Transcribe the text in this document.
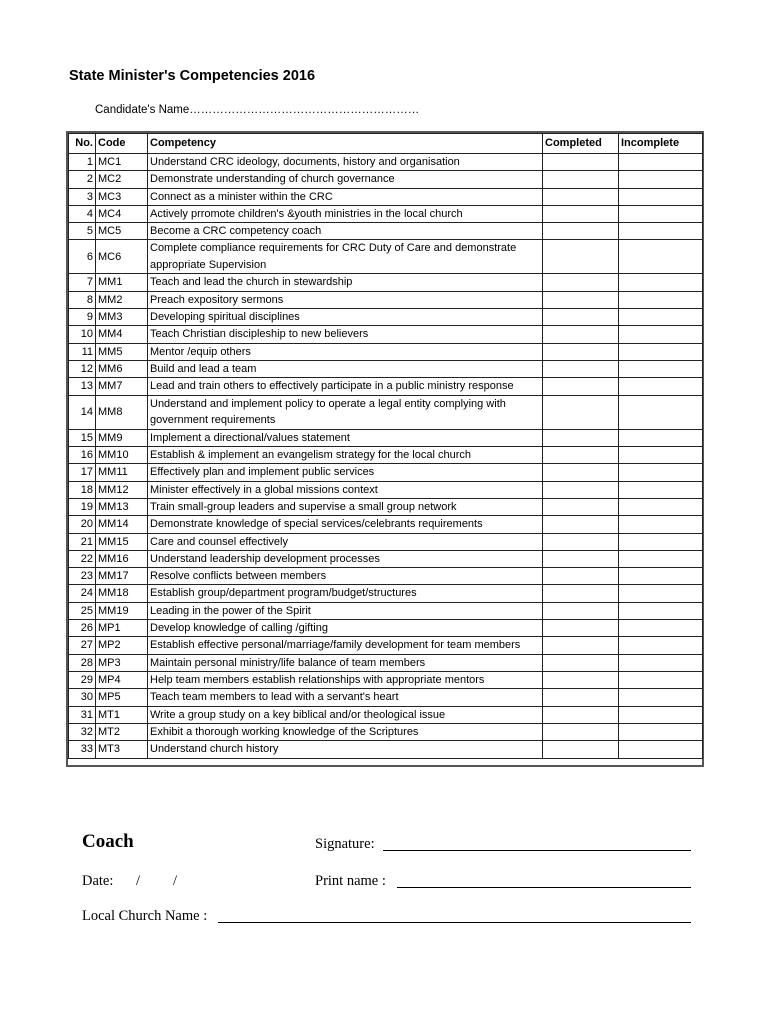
State Minister's Competencies 2016
Candidate's Name……………………………………………………
No.	Code	Competency	Completed	Incomplete
1	MC1	Understand CRC ideology, documents, history and organisation		
2	MC2	Demonstrate understanding of church governance		
3	MC3	Connect as a minister within the CRC		
4	MC4	Actively prromote children's &youth ministries in the local church		
5	MC5	Become a CRC competency coach		
6	MC6	Complete compliance requirements for CRC Duty of Care and demonstrate appropriate Supervision		
7	MM1	Teach and lead the church in stewardship		
8	MM2	Preach expository sermons		
9	MM3	Developing spiritual disciplines		
10	MM4	Teach Christian discipleship to new believers		
11	MM5	Mentor /equip others		
12	MM6	Build and lead a team		
13	MM7	Lead and train others to effectively participate in a public ministry response		
14	MM8	Understand and implement policy to operate a legal entity complying with government requirements		
15	MM9	Implement a directional/values statement		
16	MM10	Establish & implement an evangelism strategy for the local church		
17	MM11	Effectively plan and implement public services		
18	MM12	Minister effectively in a global missions context		
19	MM13	Train small-group leaders and supervise a small group network		
20	MM14	Demonstrate knowledge of special services/celebrants requirements		
21	MM15	Care and counsel effectively		
22	MM16	Understand leadership development processes		
23	MM17	Resolve conflicts between members		
24	MM18	Establish group/department program/budget/structures		
25	MM19	Leading in the power of the Spirit		
26	MP1	Develop knowledge of calling /gifting		
27	MP2	Establish effective personal/marriage/family development for team members		
28	MP3	Maintain personal ministry/life balance of team members		
29	MP4	Help team members establish relationships with appropriate mentors		
30	MP5	Teach team members to lead with a servant's heart		
31	MT1	Write a group study on a key biblical and/or theological issue		
32	MT2	Exhibit a thorough working knowledge of the Scriptures		
33	MT3	Understand church history		

Coach	Signature:
Date: / /	Print name :
Local Church Name :
